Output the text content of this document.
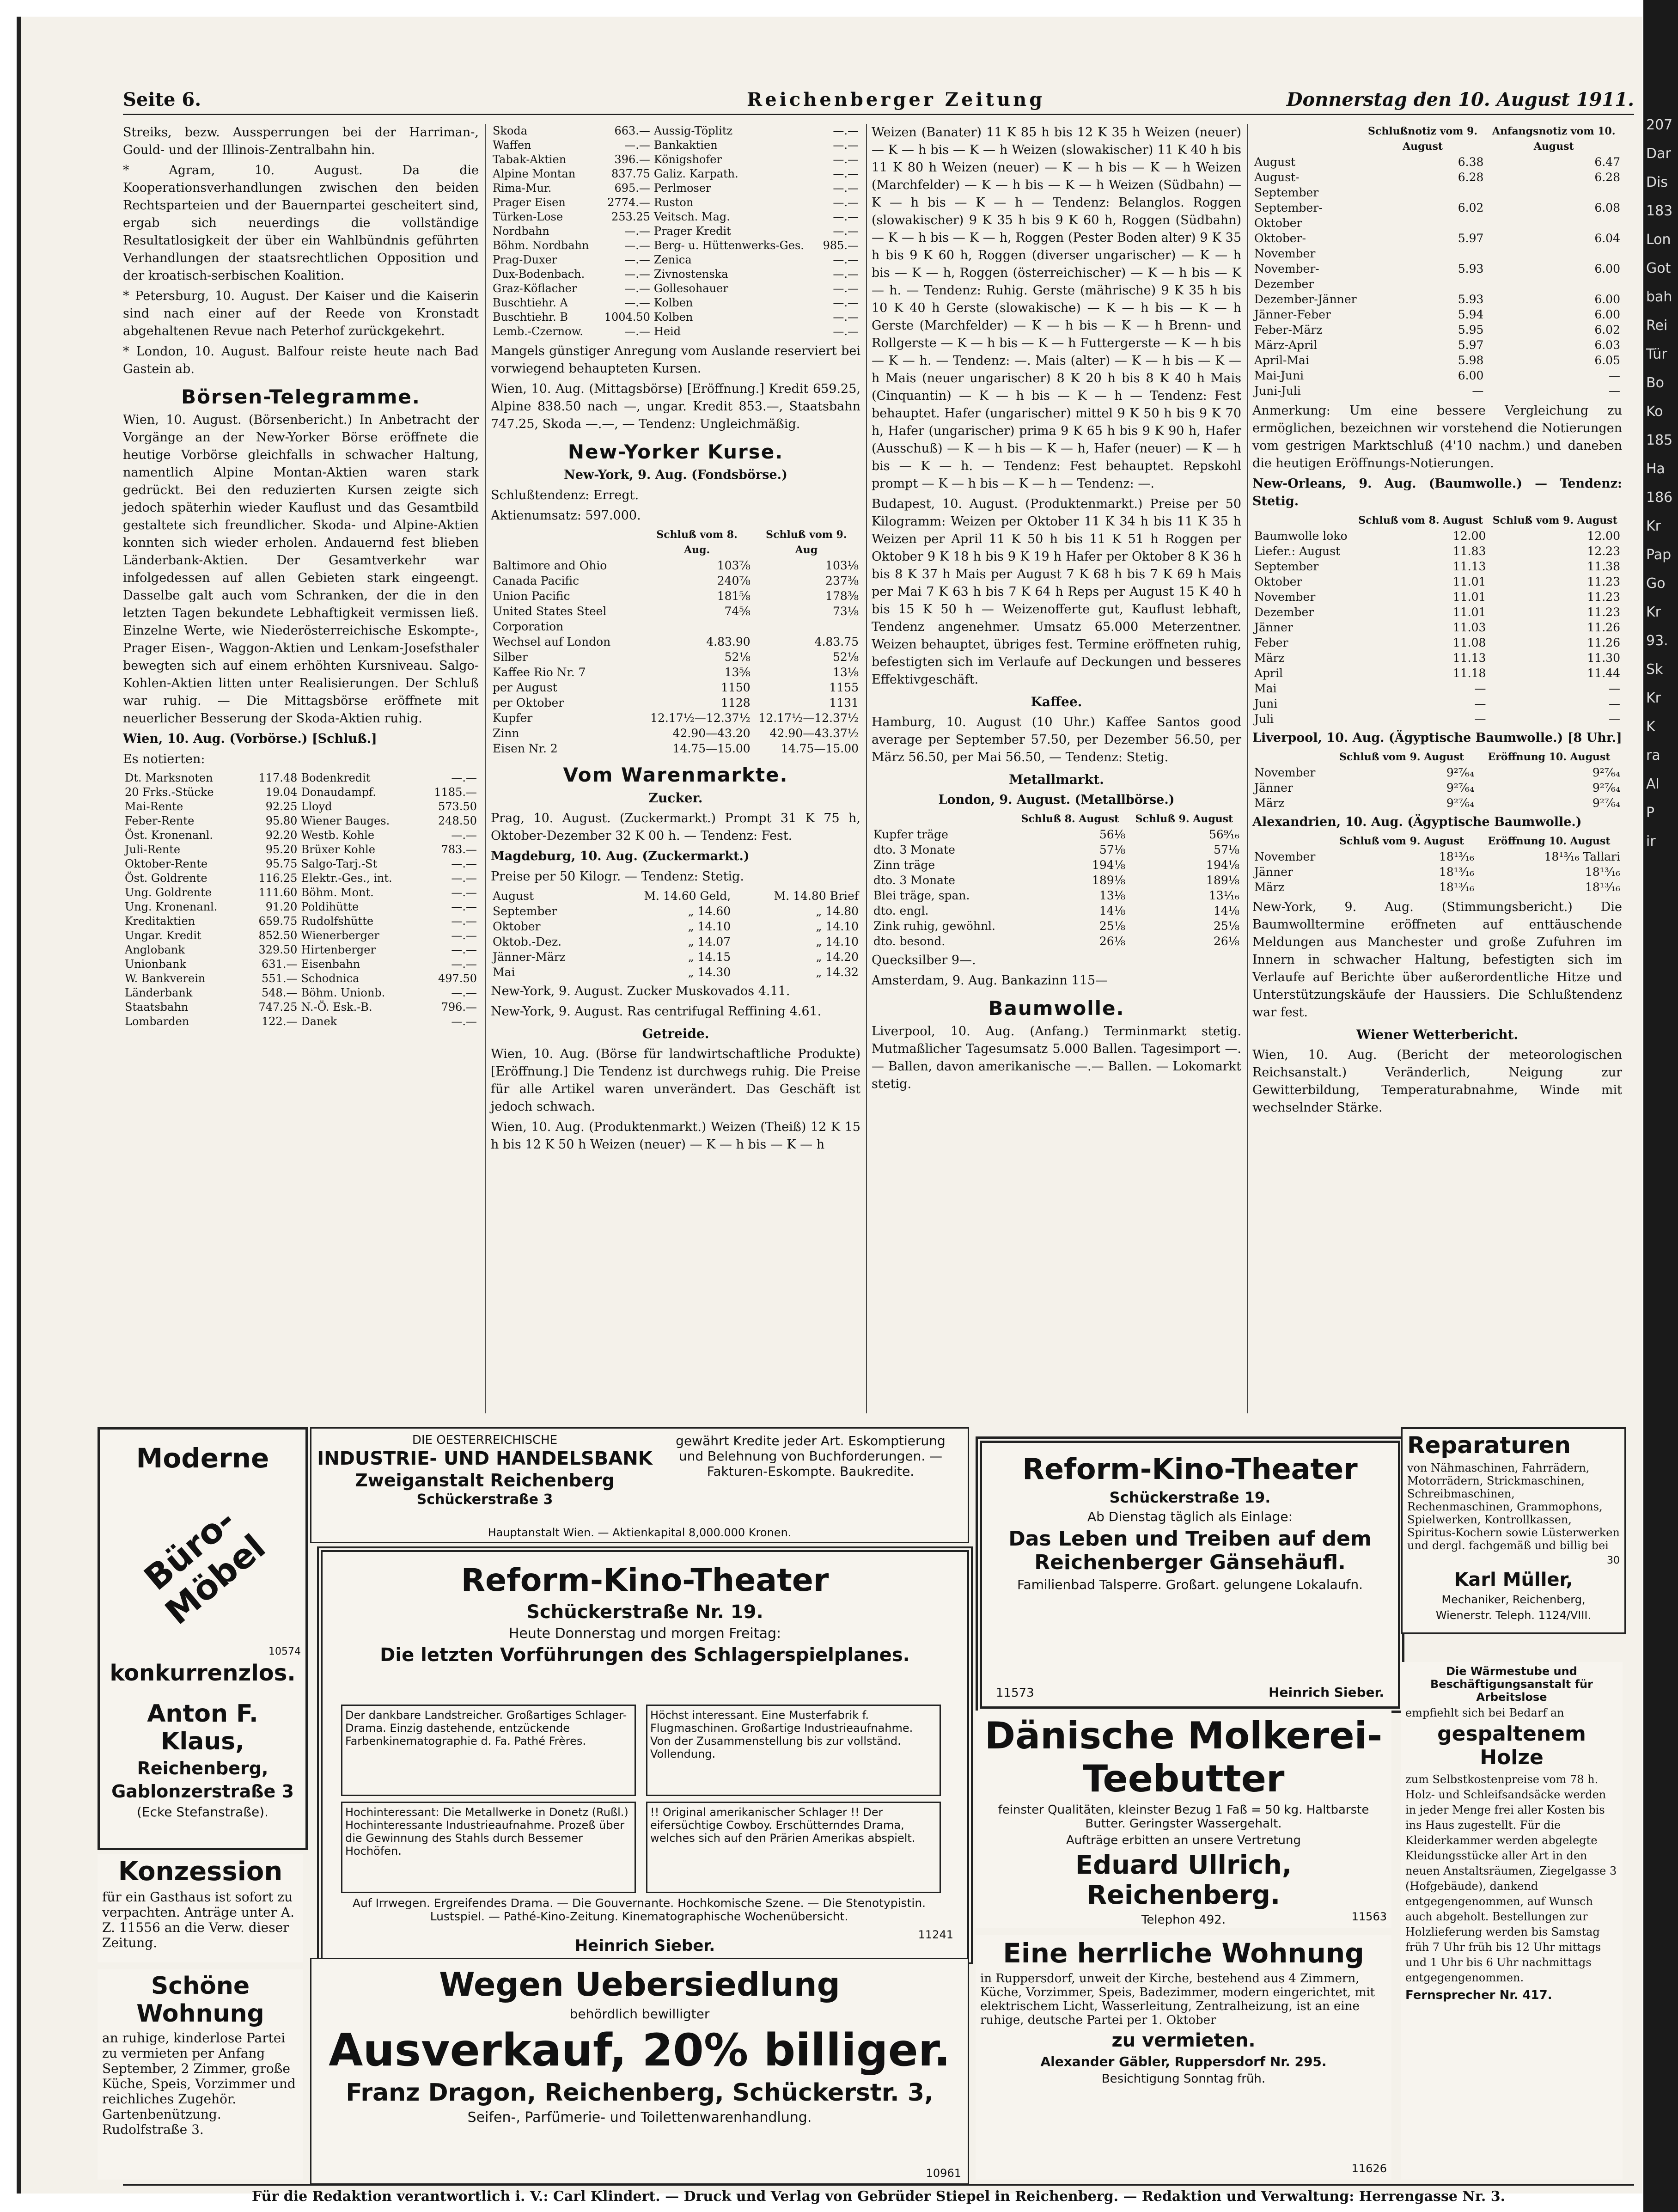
Seite 6.	Reichenberger Zeitung	Donnerstag den 10. August 1911.

Streiks, bezw. Aussperrungen bei der Harriman-, Gould- und der Illinois-Zentralbahn hin.

* Agram, 10. August. Da die Kooperationsverhandlungen zwischen den beiden Rechtsparteien und der Bauernpartei gescheitert sind, ergab sich neuerdings die vollständige Resultatlosigkeit der über ein Wahlbündnis geführten Verhandlungen der staatsrechtlichen Opposition und der kroatisch-serbischen Koalition.

* Petersburg, 10. August. Der Kaiser und die Kaiserin sind nach einer auf der Reede von Kronstadt abgehaltenen Revue nach Peterhof zurückgekehrt.

* London, 10. August. Balfour reiste heute nach Bad Gastein ab.

Börsen-Telegramme.

Wien, 10. August. (Börsenbericht.) In Anbetracht der Vorgänge an der New-Yorker Börse eröffnete die heutige Vorbörse gleichfalls in schwacher Haltung, namentlich Alpine Montan-Aktien waren stark gedrückt. Bei den reduzierten Kursen zeigte sich jedoch späterhin wieder Kauflust und das Gesamtbild gestaltete sich freundlicher. Skoda- und Alpine-Aktien konnten sich wieder erholen. Andauernd fest blieben Länderbank-Aktien. Der Gesamtverkehr war infolgedessen auf allen Gebieten stark eingeengt. Dasselbe galt auch vom Schranken, der die in den letzten Tagen bekundete Lebhaftigkeit vermissen ließ. Einzelne Werte, wie Niederösterreichische Eskompte-, Prager Eisen-, Waggon-Aktien und Lenkam-Josefsthaler bewegten sich auf einem erhöhten Kursniveau. Salgo-Kohlen-Aktien litten unter Realisierungen. Der Schluß war ruhig. — Die Mittagsbörse eröffnete mit neuerlicher Besserung der Skoda-Aktien ruhig.

Wien, 10. Aug. (Vorbörse.) [Schluß.]

Es notierten:

Dt. Marksnoten	117.48	Bodenkredit	—.—
20 Frks.-Stücke	19.04	Donaudampf.	1185.—
Mai-Rente	92.25	Lloyd	573.50
Feber-Rente	95.80	Wiener Bauges.	248.50
Öst. Kronenanl.	92.20	Westb. Kohle	—.—
Juli-Rente	95.20	Brüxer Kohle	783.—
Oktober-Rente	95.75	Salgo-Tarj.-St	—.—
Öst. Goldrente	116.25	Elektr.-Ges., int.	—.—
Ung. Goldrente	111.60	Böhm. Mont.	—.—
Ung. Kronenanl.	91.20	Poldihütte	—.—
Kreditaktien	659.75	Rudolfshütte	—.—
Ungar. Kredit	852.50	Wienerberger	—.—
Anglobank	329.50	Hirtenberger	—.—
Unionbank	631.—	Eisenbahn	—.—
W. Bankverein	551.—	Schodnica	497.50
Länderbank	548.—	Böhm. Unionb.	—.—
Staatsbahn	747.25	N.-Ö. Esk.-B.	796.—
Lombarden	122.—	Danek	—.—
Skoda	663.—	Aussig-Töplitz	—.—
Waffen	—.—	Bankaktien	—.—
Tabak-Aktien	396.—	Königshofer	—.—
Alpine Montan	837.75	Galiz. Karpath.	—.—
Rima-Mur.	695.—	Perlmoser	—.—
Prager Eisen	2774.—	Ruston	—.—
Türken-Lose	253.25	Veitsch. Mag.	—.—
Nordbahn	—.—	Prager Kredit	—.—
Böhm. Nordbahn	—.—	Berg- u. Hüttenwerks-Ges.	985.—
Prag-Duxer	—.—	Zenica	—.—
Dux-Bodenbach.	—.—	Zivnostenska	—.—
Graz-Köflacher	—.—	Gollesohauer	—.—
Buschtiehr. A	—.—	Kolben	—.—
Buschtiehr. B	1004.50	Kolben	—.—
Lemb.-Czernow.	—.—	Heid	—.—

Mangels günstiger Anregung vom Auslande reserviert bei vorwiegend behaupteten Kursen.

Wien, 10. Aug. (Mittagsbörse) [Eröffnung.] Kredit 659.25, Alpine 838.50 nach —, ungar. Kredit 853.—, Staatsbahn 747.25, Skoda —.—, — Tendenz: Ungleichmäßig.

New-Yorker Kurse.

New-York, 9. Aug. (Fondsbörse.)

Schlußtendenz: Erregt.

Aktienumsatz: 597.000.

	Schluß vom 8. Aug.	Schluß vom 9. Aug
Baltimore and Ohio	103⅞	103⅛
Canada Pacific	240⅞	237⅜
Union Pacific	181⅝	178⅜
United States Steel Corporation	74⅝	73⅛
Wechsel auf London	4.83.90	4.83.75
Silber	52⅛	52⅛
Kaffee Rio Nr. 7	13⅝	13⅛
per August	1150	1155
per Oktober	1128	1131
Kupfer	12.17½—12.37½	12.17½—12.37½
Zinn	42.90—43.20	42.90—43.37½
Eisen Nr. 2	14.75—15.00	14.75—15.00
Vom Warenmarkte.
Zucker.

Prag, 10. August. (Zuckermarkt.) Prompt 31 K 75 h, Oktober-Dezember 32 K 00 h. — Tendenz: Fest.

Magdeburg, 10. Aug. (Zuckermarkt.)

Preise per 50 Kilogr. — Tendenz: Stetig.

August	M. 14.60 Geld,	M. 14.80 Brief
September	„ 14.60	„ 14.80
Oktober	„ 14.10	„ 14.10
Oktob.-Dez.	„ 14.07	„ 14.10
Jänner-März	„ 14.15	„ 14.20
Mai	„ 14.30	„ 14.32

New-York, 9. August. Zucker Muskovados 4.11.

New-York, 9. August. Ras centrifugal Reffining 4.61.

Getreide.

Wien, 10. Aug. (Börse für landwirtschaftliche Produkte) [Eröffnung.] Die Tendenz ist durchwegs ruhig. Die Preise für alle Artikel waren unverändert. Das Geschäft ist jedoch schwach.

Wien, 10. Aug. (Produktenmarkt.) Weizen (Theiß) 12 K 15 h bis 12 K 50 h Weizen (neuer) — K — h bis — K — h

Weizen (Banater) 11 K 85 h bis 12 K 35 h Weizen (neuer) — K — h bis — K — h Weizen (slowakischer) 11 K 40 h bis 11 K 80 h Weizen (neuer) — K — h bis — K — h Weizen (Marchfelder) — K — h bis — K — h Weizen (Südbahn) — K — h bis — K — h — Tendenz: Belanglos. Roggen (slowakischer) 9 K 35 h bis 9 K 60 h, Roggen (Südbahn) — K — h bis — K — h, Roggen (Pester Boden alter) 9 K 35 h bis 9 K 60 h, Roggen (diverser ungarischer) — K — h bis — K — h, Roggen (österreichischer) — K — h bis — K — h. — Tendenz: Ruhig. Gerste (mährische) 9 K 35 h bis 10 K 40 h Gerste (slowakische) — K — h bis — K — h Gerste (Marchfelder) — K — h bis — K — h Brenn- und Rollgerste — K — h bis — K — h Futtergerste — K — h bis — K — h. — Tendenz: —. Mais (alter) — K — h bis — K — h Mais (neuer ungarischer) 8 K 20 h bis 8 K 40 h Mais (Cinquantin) — K — h bis — K — h — Tendenz: Fest behauptet. Hafer (ungarischer) mittel 9 K 50 h bis 9 K 70 h, Hafer (ungarischer) prima 9 K 65 h bis 9 K 90 h, Hafer (Ausschuß) — K — h bis — K — h, Hafer (neuer) — K — h bis — K — h. — Tendenz: Fest behauptet. Repskohl prompt — K — h bis — K — h — Tendenz: —.

Budapest, 10. August. (Produktenmarkt.) Preise per 50 Kilogramm: Weizen per Oktober 11 K 34 h bis 11 K 35 h Weizen per April 11 K 50 h bis 11 K 51 h Roggen per Oktober 9 K 18 h bis 9 K 19 h Hafer per Oktober 8 K 36 h bis 8 K 37 h Mais per August 7 K 68 h bis 7 K 69 h Mais per Mai 7 K 63 h bis 7 K 64 h Reps per August 15 K 40 h bis 15 K 50 h — Weizenofferte gut, Kauflust lebhaft, Tendenz angenehmer. Umsatz 65.000 Meterzentner. Weizen behauptet, übriges fest. Termine eröffneten ruhig, befestigten sich im Verlaufe auf Deckungen und besseres Effektivgeschäft.

Kaffee.

Hamburg, 10. August (10 Uhr.) Kaffee Santos good average per September 57.50, per Dezember 56.50, per März 56.50, per Mai 56.50, — Tendenz: Stetig.

Metallmarkt.

London, 9. August. (Metallbörse.)

	Schluß 8. August	Schluß 9. August
Kupfer träge	56⅛	56⁹⁄₁₆
dto. 3 Monate	57⅛	57⅛
Zinn träge	194⅛	194⅛
dto. 3 Monate	189⅛	189⅛
Blei träge, span.	13⅛	13¹⁄₁₆
dto. engl.	14⅛	14⅛
Zink ruhig, gewöhnl.	25⅛	25⅛
dto. besond.	26⅛	26⅛

Quecksilber 9—.

Amsterdam, 9. Aug. Bankazinn 115—

Baumwolle.

Liverpool, 10. Aug. (Anfang.) Terminmarkt stetig. Mutmaßlicher Tagesumsatz 5.000 Ballen. Tagesimport —.— Ballen, davon amerikanische —.— Ballen. — Lokomarkt stetig.

	Schlußnotiz vom 9. August	Anfangsnotiz vom 10. August
August	6.38	6.47
August-September	6.28	6.28
September-Oktober	6.02	6.08
Oktober-November	5.97	6.04
November-Dezember	5.93	6.00
Dezember-Jänner	5.93	6.00
Jänner-Feber	5.94	6.00
Feber-März	5.95	6.02
März-April	5.97	6.03
April-Mai	5.98	6.05
Mai-Juni	6.00	—
Juni-Juli	—	—

Anmerkung: Um eine bessere Vergleichung zu ermöglichen, bezeichnen wir vorstehend die Notierungen vom gestrigen Marktschluß (4'10 nachm.) und daneben die heutigen Eröffnungs-Notierungen.

New-Orleans, 9. Aug. (Baumwolle.) — Tendenz: Stetig.

	Schluß vom 8. August	Schluß vom 9. August
Baumwolle loko	12.00	12.00
Liefer.: August	11.83	12.23
September	11.13	11.38
Oktober	11.01	11.23
November	11.01	11.23
Dezember	11.01	11.23
Jänner	11.03	11.26
Feber	11.08	11.26
März	11.13	11.30
April	11.18	11.44
Mai	—	—
Juni	—	—
Juli	—	—

Liverpool, 10. Aug. (Ägyptische Baumwolle.) [8 Uhr.]

	Schluß vom 9. August	Eröffnung 10. August
November	9²⁷⁄₆₄	9²⁷⁄₆₄
Jänner	9²⁷⁄₆₄	9²⁷⁄₆₄
März	9²⁷⁄₆₄	9²⁷⁄₆₄

Alexandrien, 10. Aug. (Ägyptische Baumwolle.)

	Schluß vom 9. August	Eröffnung 10. August
November	18¹³⁄₁₆	18¹³⁄₁₆ Tallari
Jänner	18¹³⁄₁₆	18¹³⁄₁₆
März	18¹³⁄₁₆	18¹³⁄₁₆

New-York, 9. Aug. (Stimmungsbericht.) Die Baumwolltermine eröffneten auf enttäuschende Meldungen aus Manchester und große Zufuhren im Innern in schwacher Haltung, befestigten sich im Verlaufe auf Berichte über außerordentliche Hitze und Unterstützungskäufe der Haussiers. Die Schlußtendenz war fest.

Wiener Wetterbericht.

Wien, 10. Aug. (Bericht der meteorologischen Reichsanstalt.) Veränderlich, Neigung zur Gewitterbildung, Temperaturabnahme, Winde mit wechselnder Stärke.

Moderne

Büro-Möbel

10574

konkurrenzlos.

Anton F. Klaus,

Reichenberg,

Gablonzerstraße 3

(Ecke Stefanstraße).

Konzession

für ein Gasthaus ist sofort zu verpachten. Anträge unter A. Z. 11556 an die Verw. dieser Zeitung.

Schöne Wohnung

an ruhige, kinderlose Partei zu vermieten per Anfang September, 2 Zimmer, große Küche, Speis, Vorzimmer und reichliches Zugehör. Gartenbenützung. Rudolfstraße 3.

DIE OESTERREICHISCHE

INDUSTRIE- UND HANDELSBANK

Zweiganstalt Reichenberg

Schückerstraße 3

gewährt Kredite jeder Art. Eskomptierung und Belehnung von Buchforderungen. — Fakturen-Eskompte. Baukredite.
Hauptanstalt Wien. — Aktienkapital 8,000.000 Kronen.

Reform-Kino-Theater

Schückerstraße Nr. 19.

Heute Donnerstag und morgen Freitag:

Die letzten Vorführungen des Schlagerspielplanes.

Der dankbare Landstreicher. Großartiges Schlager-Drama. Einzig dastehende, entzückende Farbenkinematographie d. Fa. Pathé Frères.
Höchst interessant. Eine Musterfabrik f. Flugmaschinen. Großartige Industrieaufnahme. Von der Zusammenstellung bis zur vollständ. Vollendung.
Hochinteressant: Die Metallwerke in Donetz (Rußl.) Hochinteressante Industrieaufnahme. Prozeß über die Gewinnung des Stahls durch Bessemer Hochöfen.
!! Original amerikanischer Schlager !! Der eifersüchtige Cowboy. Erschütterndes Drama, welches sich auf den Prärien Amerikas abspielt.
Auf Irrwegen. Ergreifendes Drama. — Die Gouvernante. Hochkomische Szene. — Die Stenotypistin. Lustspiel. — Pathé-Kino-Zeitung. Kinematographische Wochenübersicht.
11241
Heinrich Sieber.

Wegen Uebersiedlung

behördlich bewilligter

Ausverkauf, 20% billiger.

Franz Dragon, Reichenberg, Schückerstr. 3,

Seifen-, Parfümerie- und Toilettenwarenhandlung.

10961

Reform-Kino-Theater

Schückerstraße 19.

Ab Dienstag täglich als Einlage:

Das Leben und Treiben auf dem Reichenberger Gänsehäufl.

Familienbad Talsperre. Großart. gelungene Lokalaufn.

11573	Heinrich Sieber.

Dänische Molkerei-Teebutter

feinster Qualitäten, kleinster Bezug 1 Faß = 50 kg. Haltbarste Butter. Geringster Wassergehalt.

Aufträge erbitten an unsere Vertretung

Eduard Ullrich, Reichenberg.

Telephon 492.	11563

Eine herrliche Wohnung

in Ruppersdorf, unweit der Kirche, bestehend aus 4 Zimmern, Küche, Vorzimmer, Speis, Badezimmer, modern eingerichtet, mit elektrischem Licht, Wasserleitung, Zentralheizung, ist an eine ruhige, deutsche Partei per 1. Oktober

zu vermieten.

Alexander Gäbler, Ruppersdorf Nr. 295.

Besichtigung Sonntag früh.

11626

Reparaturen

von Nähmaschinen, Fahrrädern, Motorrädern, Strickmaschinen, Schreibmaschinen, Rechenmaschinen, Grammophons, Spielwerken, Kontrollkassen, Spiritus-Kochern sowie Lüsterwerken und dergl. fachgemäß und billig bei

30

Karl Müller,

Mechaniker, Reichenberg,

Wienerstr. Teleph. 1124/VIII.

Die Wärmestube und Beschäftigungsanstalt für Arbeitslose

empfiehlt sich bei Bedarf an

gespaltenem Holze

zum Selbstkostenpreise vom 78 h. Holz- und Schleifsandsäcke werden in jeder Menge frei aller Kosten bis ins Haus zugestellt. Für die Kleiderkammer werden abgelegte Kleidungsstücke aller Art in den neuen Anstaltsräumen, Ziegelgasse 3 (Hofgebäude), dankend entgegengenommen, auf Wunsch auch abgeholt. Bestellungen zur Holzlieferung werden bis Samstag früh 7 Uhr früh bis 12 Uhr mittags und 1 Uhr bis 6 Uhr nachmittags entgegengenommen.

Fernsprecher Nr. 417.

Für die Redaktion verantwortlich i. V.: Carl Klindert. — Druck und Verlag von Gebrüder Stiepel in Reichenberg. — Redaktion und Verwaltung: Herrengasse Nr. 3.
207
Dar
Dis
183
Lon
Got
bah
Rei
Tür
Bo
Ko
185
Ha
186
Kr
Pap
Go
Kr
93.
Sk
Kr
K
ra
Al
P
ir
